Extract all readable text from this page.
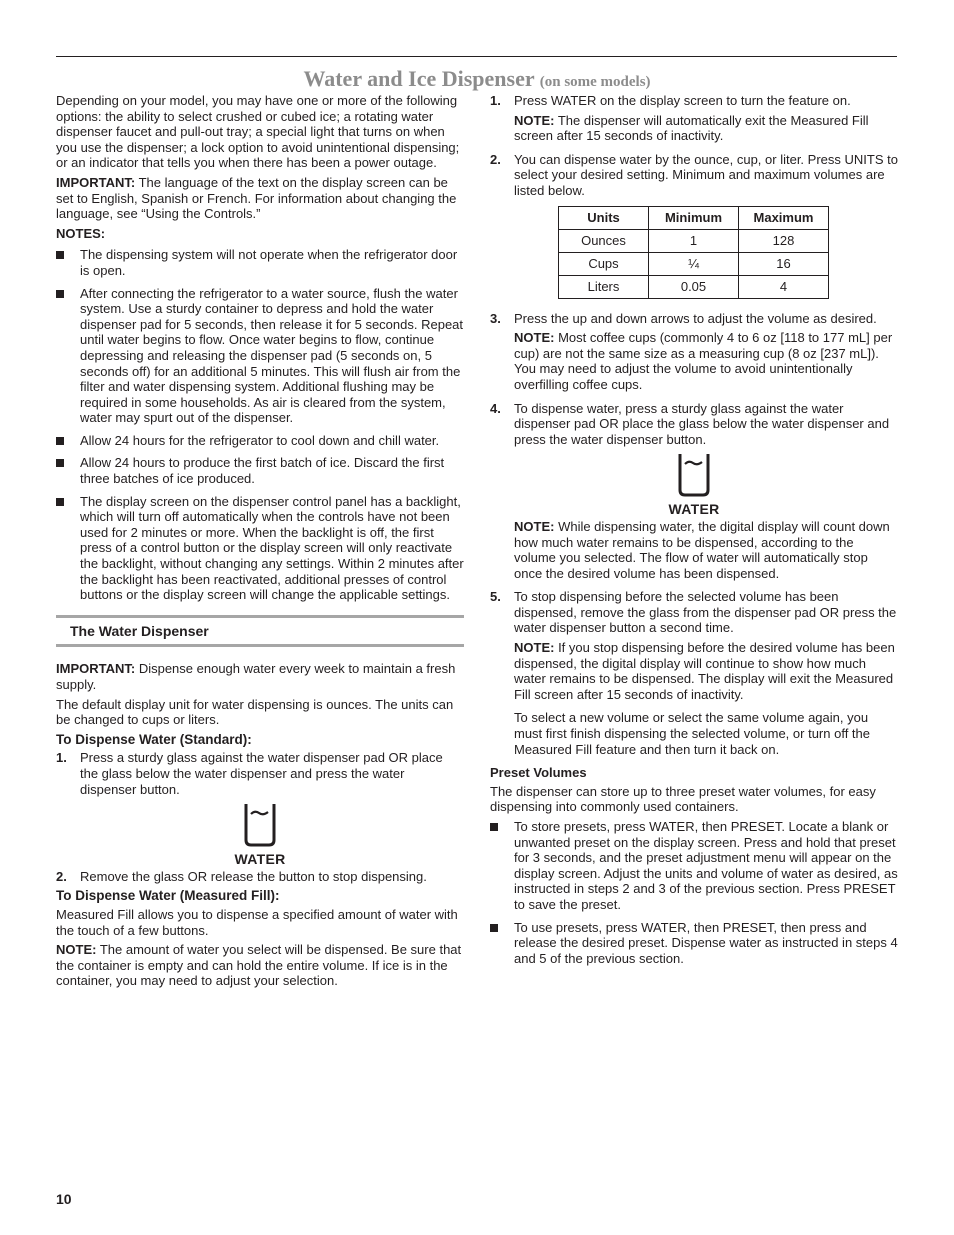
Water and Ice Dispenser (on some models)

Depending on your model, you may have one or more of the following options: the ability to select crushed or cubed ice; a rotating water dispenser faucet and pull-out tray; a special light that turns on when you use the dispenser; a lock option to avoid unintentional dispensing; or an indicator that tells you when there has been a power outage.

IMPORTANT: The language of the text on the display screen can be set to English, Spanish or French. For information about changing the language, see “Using the Controls.”

NOTES:

The dispensing system will not operate when the refrigerator door is open.
After connecting the refrigerator to a water source, flush the water system. Use a sturdy container to depress and hold the water dispenser pad for 5 seconds, then release it for 5 seconds. Repeat until water begins to flow. Once water begins to flow, continue depressing and releasing the dispenser pad (5 seconds on, 5 seconds off) for an additional 5 minutes. This will flush air from the filter and water dispensing system. Additional flushing may be required in some households. As air is cleared from the system, water may spurt out of the dispenser.
Allow 24 hours for the refrigerator to cool down and chill water.
Allow 24 hours to produce the first batch of ice. Discard the first three batches of ice produced.
The display screen on the dispenser control panel has a backlight, which will turn off automatically when the controls have not been used for 2 minutes or more. When the backlight is off, the first press of a control button or the display screen will only reactivate the backlight, without changing any settings. Within 2 minutes after the backlight has been reactivated, additional presses of control buttons or the display screen will change the applicable settings.
The Water Dispenser

IMPORTANT: Dispense enough water every week to maintain a fresh supply.

The default display unit for water dispensing is ounces. The units can be changed to cups or liters.

To Dispense Water (Standard):

1. Press a sturdy glass against the water dispenser pad OR place the glass below the water dispenser and press the water dispenser button.
WATER
2. Remove the glass OR release the button to stop dispensing.

To Dispense Water (Measured Fill):

Measured Fill allows you to dispense a specified amount of water with the touch of a few buttons.

NOTE: The amount of water you select will be dispensed. Be sure that the container is empty and can hold the entire volume. If ice is in the container, you may need to adjust your selection.

1. Press WATER on the display screen to turn the feature on.

NOTE: The dispenser will automatically exit the Measured Fill screen after 15 seconds of inactivity.

2. You can dispense water by the ounce, cup, or liter. Press UNITS to select your desired setting. Minimum and maximum volumes are listed below.
Units	Minimum	Maximum
Ounces	1	128
Cups	¼	16
Liters	0.05	4
3. Press the up and down arrows to adjust the volume as desired.

NOTE: Most coffee cups (commonly 4 to 6 oz [118 to 177 mL] per cup) are not the same size as a measuring cup (8 oz [237 mL]). You may need to adjust the volume to avoid unintentionally overfilling coffee cups.

4. To dispense water, press a sturdy glass against the water dispenser pad OR place the glass below the water dispenser and press the water dispenser button.
WATER

NOTE: While dispensing water, the digital display will count down how much water remains to be dispensed, according to the volume you selected. The flow of water will automatically stop once the desired volume has been dispensed.

5. To stop dispensing before the selected volume has been dispensed, remove the glass from the dispenser pad OR press the water dispenser button a second time.

NOTE: If you stop dispensing before the desired volume has been dispensed, the digital display will continue to show how much water remains to be dispensed. The display will exit the Measured Fill screen after 15 seconds of inactivity.

To select a new volume or select the same volume again, you must first finish dispensing the selected volume, or turn off the Measured Fill feature and then turn it back on.

Preset Volumes

The dispenser can store up to three preset water volumes, for easy dispensing into commonly used containers.

To store presets, press WATER, then PRESET. Locate a blank or unwanted preset on the display screen. Press and hold that preset for 3 seconds, and the preset adjustment menu will appear on the display screen. Adjust the units and volume of water as desired, as instructed in steps 2 and 3 of the previous section. Press PRESET to save the preset.
To use presets, press WATER, then PRESET, then press and release the desired preset. Dispense water as instructed in steps 4 and 5 of the previous section.
10
